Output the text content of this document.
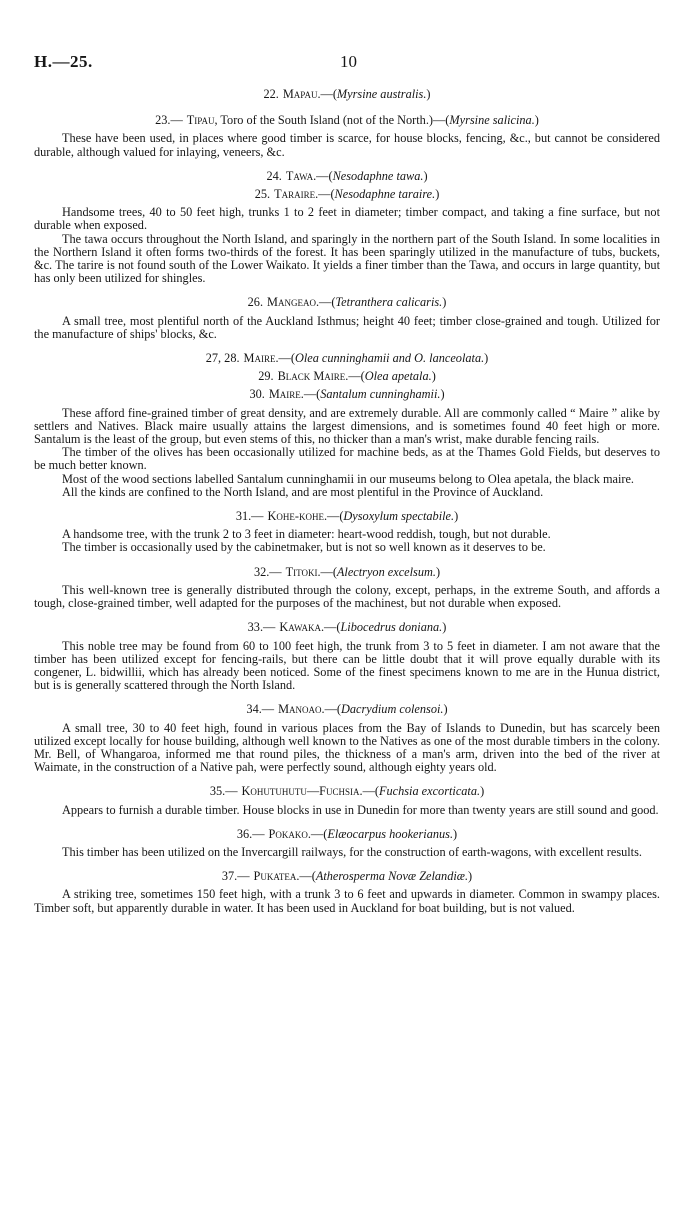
H.—25.	10

22. Mapau.—(Myrsine australis.)

23.— Tipau, Toro of the South Island (not of the North.)—(Myrsine salicina.)

These have been used, in places where good timber is scarce, for house blocks, fencing, &c., but cannot be considered durable, although valued for inlaying, veneers, &c.

24. Tawa.—(Nesodaphne tawa.)

25. Taraire.—(Nesodaphne taraire.)

Handsome trees, 40 to 50 feet high, trunks 1 to 2 feet in diameter; timber compact, and taking a fine surface, but not durable when exposed.

The tawa occurs throughout the North Island, and sparingly in the northern part of the South Island. In some localities in the Northern Island it often forms two-thirds of the forest. It has been sparingly utilized in the manufacture of tubs, buckets, &c. The tarire is not found south of the Lower Waikato. It yields a finer timber than the Tawa, and occurs in large quantity, but has only been utilized for shingles.

26. Mangeao.—(Tetranthera calicaris.)

A small tree, most plentiful north of the Auckland Isthmus; height 40 feet; timber close-grained and tough. Utilized for the manufacture of ships' blocks, &c.

27, 28. Maire.—(Olea cunninghamii and O. lanceolata.)

29. Black Maire.—(Olea apetala.)

30. Maire.—(Santalum cunninghamii.)

These afford fine-grained timber of great density, and are extremely durable. All are commonly called “ Maire ” alike by settlers and Natives. Black maire usually attains the largest dimensions, and is sometimes found 40 feet high or more. Santalum is the least of the group, but even stems of this, no thicker than a man's wrist, make durable fencing rails.

The timber of the olives has been occasionally utilized for machine beds, as at the Thames Gold Fields, but deserves to be much better known.

Most of the wood sections labelled Santalum cunninghamii in our museums belong to Olea apetala, the black maire.

All the kinds are confined to the North Island, and are most plentiful in the Province of Auckland.

31.— Kohe-kohe.—(Dysoxylum spectabile.)

A handsome tree, with the trunk 2 to 3 feet in diameter: heart-wood reddish, tough, but not durable.

The timber is occasionally used by the cabinetmaker, but is not so well known as it deserves to be.

32.— Titoki.—(Alectryon excelsum.)

This well-known tree is generally distributed through the colony, except, perhaps, in the extreme South, and affords a tough, close-grained timber, well adapted for the purposes of the machinest, but not durable when exposed.

33.— Kawaka.—(Libocedrus doniana.)

This noble tree may be found from 60 to 100 feet high, the trunk from 3 to 5 feet in diameter. I am not aware that the timber has been utilized except for fencing-rails, but there can be little doubt that it will prove equally durable with its congener, L. bidwillii, which has already been noticed. Some of the finest specimens known to me are in the Hunua district, but is is generally scattered through the North Island.

34.— Manoao.—(Dacrydium colensoi.)

A small tree, 30 to 40 feet high, found in various places from the Bay of Islands to Dunedin, but has scarcely been utilized except locally for house building, although well known to the Natives as one of the most durable timbers in the colony. Mr. Bell, of Whangaroa, informed me that round piles, the thickness of a man's arm, driven into the bed of the river at Waimate, in the construction of a Native pah, were perfectly sound, although eighty years old.

35.— Kohutuhutu—Fuchsia.—(Fuchsia excorticata.)

Appears to furnish a durable timber. House blocks in use in Dunedin for more than twenty years are still sound and good.

36.— Pokako.—(Elæocarpus hookerianus.)

This timber has been utilized on the Invercargill railways, for the construction of earth-wagons, with excellent results.

37.— Pukatea.—(Atherosperma Novæ Zelandiæ.)

A striking tree, sometimes 150 feet high, with a trunk 3 to 6 feet and upwards in diameter. Common in swampy places. Timber soft, but apparently durable in water. It has been used in Auckland for boat building, but is not valued.
